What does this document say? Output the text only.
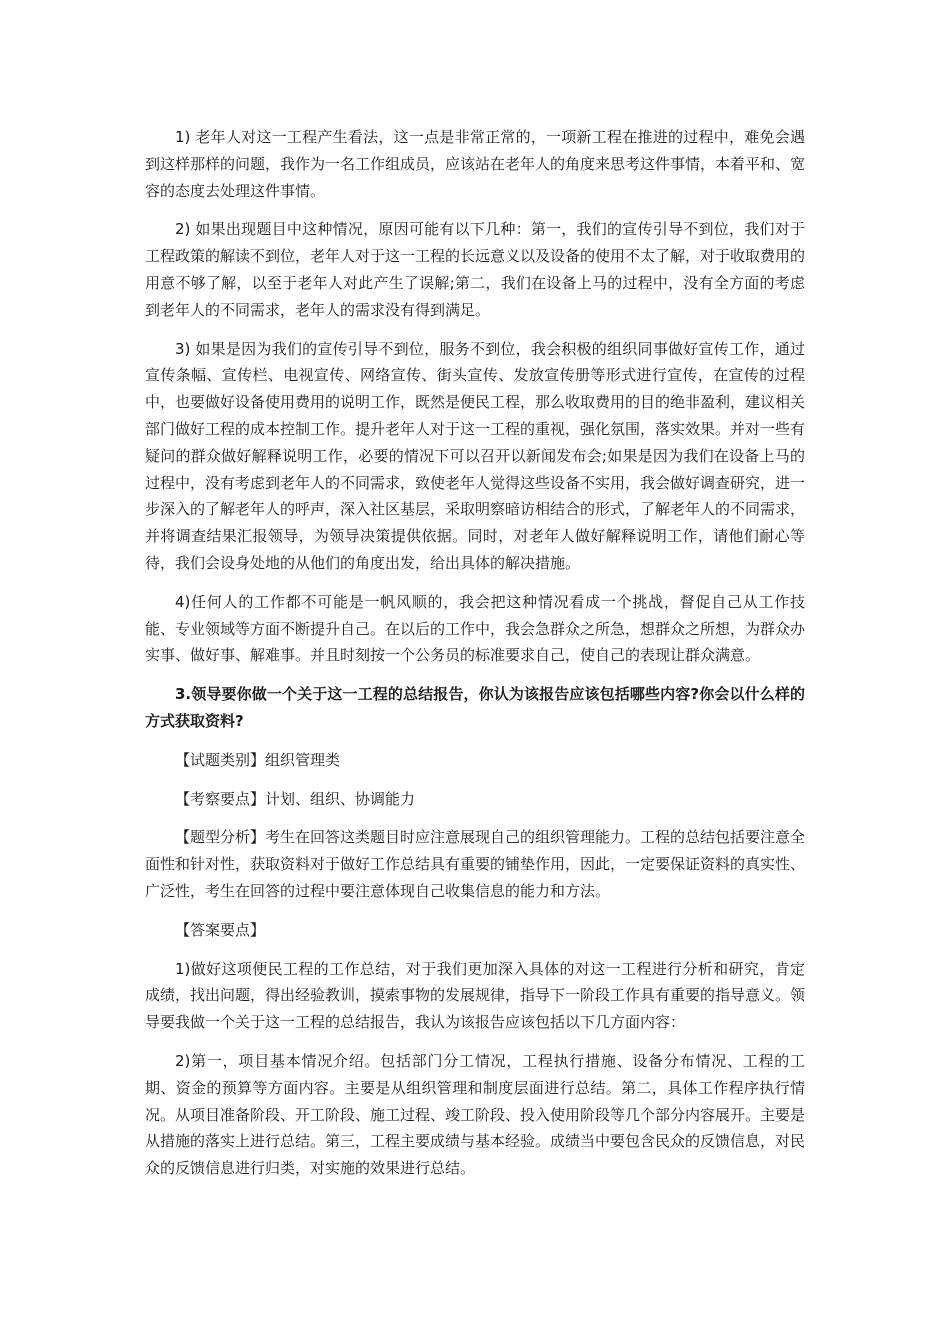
1) 老年人对这一工程产生看法，这一点是非常正常的，一项新工程在推进的过程中，难免会遇到这样那样的问题，我作为一名工作组成员，应该站在老年人的角度来思考这件事情，本着平和、宽容的态度去处理这件事情。

2) 如果出现题目中这种情况，原因可能有以下几种：第一，我们的宣传引导不到位，我们对于工程政策的解读不到位，老年人对于这一工程的长远意义以及设备的使用不太了解，对于收取费用的用意不够了解，以至于老年人对此产生了误解;第二，我们在设备上马的过程中，没有全方面的考虑到老年人的不同需求，老年人的需求没有得到满足。

3) 如果是因为我们的宣传引导不到位，服务不到位，我会积极的组织同事做好宣传工作，通过宣传条幅、宣传栏、电视宣传、网络宣传、街头宣传、发放宣传册等形式进行宣传，在宣传的过程中，也要做好设备使用费用的说明工作，既然是便民工程，那么收取费用的目的绝非盈利，建议相关部门做好工程的成本控制工作。提升老年人对于这一工程的重视，强化氛围，落实效果。并对一些有疑问的群众做好解释说明工作，必要的情况下可以召开以新闻发布会;如果是因为我们在设备上马的过程中，没有考虑到老年人的不同需求，致使老年人觉得这些设备不实用，我会做好调查研究，进一步深入的了解老年人的呼声，深入社区基层，采取明察暗访相结合的形式，了解老年人的不同需求，并将调查结果汇报领导，为领导决策提供依据。同时，对老年人做好解释说明工作，请他们耐心等待，我们会设身处地的从他们的角度出发，给出具体的解决措施。

4)任何人的工作都不可能是一帆风顺的，我会把这种情况看成一个挑战，督促自己从工作技能、专业领域等方面不断提升自己。在以后的工作中，我会急群众之所急，想群众之所想，为群众办实事、做好事、解难事。并且时刻按一个公务员的标准要求自己，使自己的表现让群众满意。

3.领导要你做一个关于这一工程的总结报告，你认为该报告应该包括哪些内容?你会以什么样的方式获取资料?

【试题类别】组织管理类

【考察要点】计划、组织、协调能力

【题型分析】考生在回答这类题目时应注意展现自己的组织管理能力。工程的总结包括要注意全面性和针对性，获取资料对于做好工作总结具有重要的铺垫作用，因此，一定要保证资料的真实性、广泛性，考生在回答的过程中要注意体现自己收集信息的能力和方法。

【答案要点】

1)做好这项便民工程的工作总结，对于我们更加深入具体的对这一工程进行分析和研究，肯定成绩，找出问题，得出经验教训，摸索事物的发展规律，指导下一阶段工作具有重要的指导意义。领导要我做一个关于这一工程的总结报告，我认为该报告应该包括以下几方面内容：

2)第一，项目基本情况介绍。包括部门分工情况，工程执行措施、设备分布情况、工程的工期、资金的预算等方面内容。主要是从组织管理和制度层面进行总结。第二，具体工作程序执行情况。从项目准备阶段、开工阶段、施工过程、竣工阶段、投入使用阶段等几个部分内容展开。主要是从措施的落实上进行总结。第三，工程主要成绩与基本经验。成绩当中要包含民众的反馈信息，对民众的反馈信息进行归类，对实施的效果进行总结。
